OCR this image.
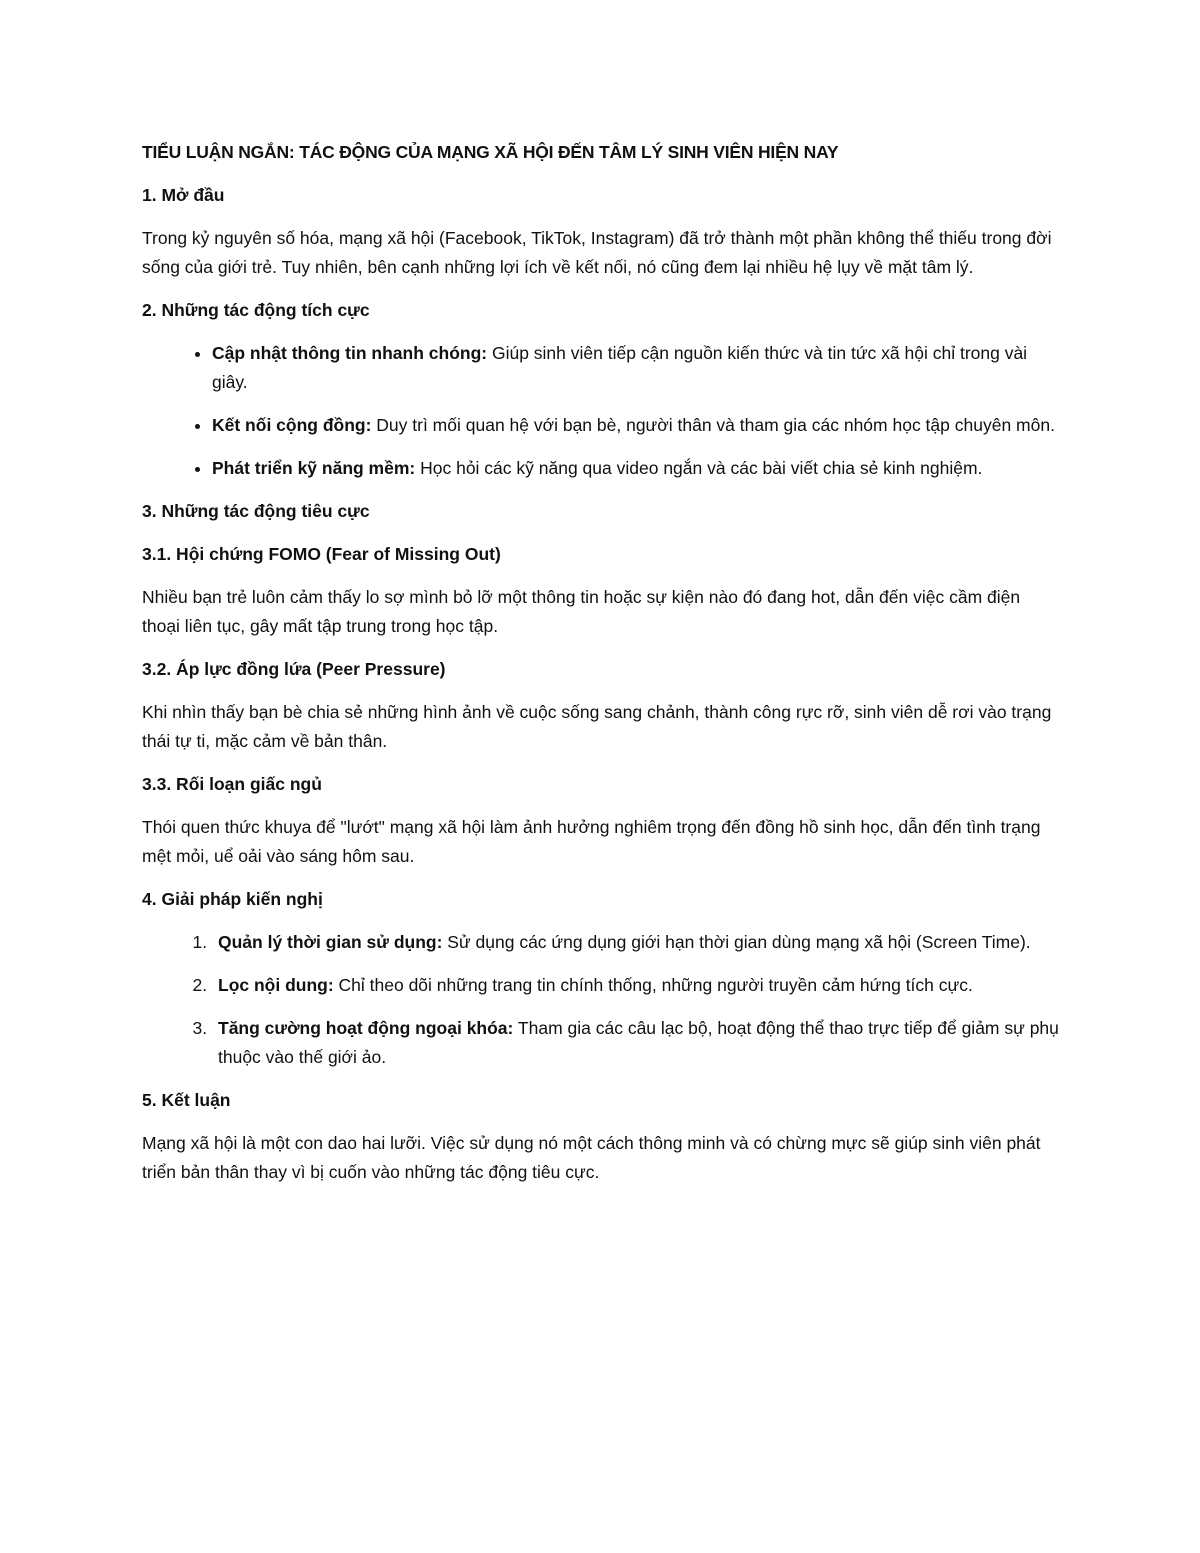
TIỂU LUẬN NGẮN: TÁC ĐỘNG CỦA MẠNG XÃ HỘI ĐẾN TÂM LÝ SINH VIÊN HIỆN NAY
1. Mở đầu
Trong kỷ nguyên số hóa, mạng xã hội (Facebook, TikTok, Instagram) đã trở thành một phần không thể thiếu trong đời sống của giới trẻ. Tuy nhiên, bên cạnh những lợi ích về kết nối, nó cũng đem lại nhiều hệ lụy về mặt tâm lý.
2. Những tác động tích cực
• Cập nhật thông tin nhanh chóng: Giúp sinh viên tiếp cận nguồn kiến thức và tin tức xã hội chỉ trong vài giây.
• Kết nối cộng đồng: Duy trì mối quan hệ với bạn bè, người thân và tham gia các nhóm học tập chuyên môn.
• Phát triển kỹ năng mềm: Học hỏi các kỹ năng qua video ngắn và các bài viết chia sẻ kinh nghiệm.
3. Những tác động tiêu cực
3.1. Hội chứng FOMO (Fear of Missing Out)
Nhiều bạn trẻ luôn cảm thấy lo sợ mình bỏ lỡ một thông tin hoặc sự kiện nào đó đang hot, dẫn đến việc cầm điện thoại liên tục, gây mất tập trung trong học tập.
3.2. Áp lực đồng lứa (Peer Pressure)
Khi nhìn thấy bạn bè chia sẻ những hình ảnh về cuộc sống sang chảnh, thành công rực rỡ, sinh viên dễ rơi vào trạng thái tự ti, mặc cảm về bản thân.
3.3. Rối loạn giấc ngủ
Thói quen thức khuya để "lướt" mạng xã hội làm ảnh hưởng nghiêm trọng đến đồng hồ sinh học, dẫn đến tình trạng mệt mỏi, uể oải vào sáng hôm sau.
4. Giải pháp kiến nghị
1. Quản lý thời gian sử dụng: Sử dụng các ứng dụng giới hạn thời gian dùng mạng xã hội (Screen Time).
2. Lọc nội dung: Chỉ theo dõi những trang tin chính thống, những người truyền cảm hứng tích cực.
3. Tăng cường hoạt động ngoại khóa: Tham gia các câu lạc bộ, hoạt động thể thao trực tiếp để giảm sự phụ thuộc vào thế giới ảo.
5. Kết luận
Mạng xã hội là một con dao hai lưỡi. Việc sử dụng nó một cách thông minh và có chừng mực sẽ giúp sinh viên phát triển bản thân thay vì bị cuốn vào những tác động tiêu cực.
